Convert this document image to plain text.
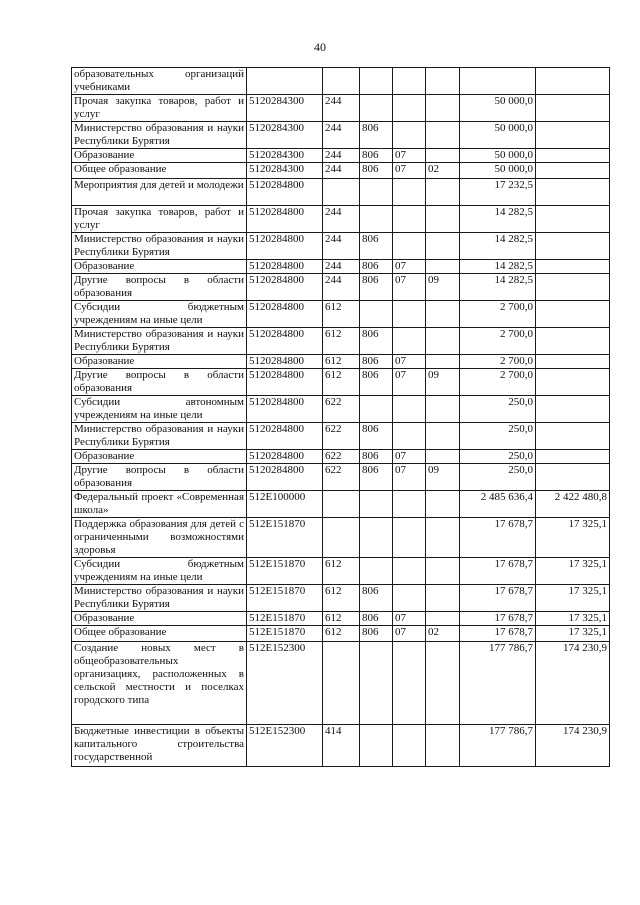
40
образовательных организаций учебниками							
Прочая закупка товаров, работ и услуг	5120284300	244				50 000,0	
Министерство образования и науки Республики Бурятия	5120284300	244	806			50 000,0	
Образование	5120284300	244	806	07		50 000,0	
Общее образование	5120284300	244	806	07	02	50 000,0	
Мероприятия для детей и молодежи	5120284800					17 232,5	
Прочая закупка товаров, работ и услуг	5120284800	244				14 282,5	
Министерство образования и науки Республики Бурятия	5120284800	244	806			14 282,5	
Образование	5120284800	244	806	07		14 282,5	
Другие вопросы в области образования	5120284800	244	806	07	09	14 282,5	
Субсидии бюджетным учреждениям на иные цели	5120284800	612				2 700,0	
Министерство образования и науки Республики Бурятия	5120284800	612	806			2 700,0	
Образование	5120284800	612	806	07		2 700,0	
Другие вопросы в области образования	5120284800	612	806	07	09	2 700,0	
Субсидии автономным учреждениям на иные цели	5120284800	622				250,0	
Министерство образования и науки Республики Бурятия	5120284800	622	806			250,0	
Образование	5120284800	622	806	07		250,0	
Другие вопросы в области образования	5120284800	622	806	07	09	250,0	
Федеральный проект «Современная школа»	512E100000					2 485 636,4	2 422 480,8
Поддержка образования для детей с ограниченными возможностями здоровья	512E151870					17 678,7	17 325,1
Субсидии бюджетным учреждениям на иные цели	512E151870	612				17 678,7	17 325,1
Министерство образования и науки Республики Бурятия	512E151870	612	806			17 678,7	17 325,1
Образование	512E151870	612	806	07		17 678,7	17 325,1
Общее образование	512E151870	612	806	07	02	17 678,7	17 325,1
Создание новых мест в общеобразовательных организациях, расположенных в сельской местности и поселках городского типа	512E152300					177 786,7	174 230,9
Бюджетные инвестиции в объекты капитального строительства государственной	512E152300	414				177 786,7	174 230,9
